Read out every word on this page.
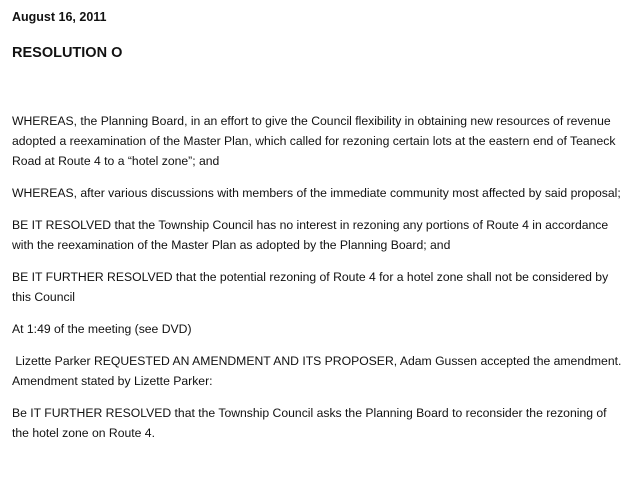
August 16, 2011

RESOLUTION O

WHEREAS, the Planning Board, in an effort to give the Council flexibility in obtaining new resources of revenue adopted a reexamination of the Master Plan, which called for rezoning certain lots at the eastern end of Teaneck Road at Route 4 to a “hotel zone”; and

WHEREAS, after various discussions with members of the immediate community most affected by said proposal;

BE IT RESOLVED that the Township Council has no interest in rezoning any portions of Route 4 in accordance with the reexamination of the Master Plan as adopted by the Planning Board; and

BE IT FURTHER RESOLVED that the potential rezoning of Route 4 for a hotel zone shall not be considered by this Council

At 1:49 of the meeting (see DVD)

Lizette Parker REQUESTED AN AMENDMENT AND ITS PROPOSER, Adam Gussen accepted the amendment.  Amendment stated by Lizette Parker:

Be IT FURTHER RESOLVED that the Township Council asks the Planning Board to reconsider the rezoning of the hotel zone on Route 4.
